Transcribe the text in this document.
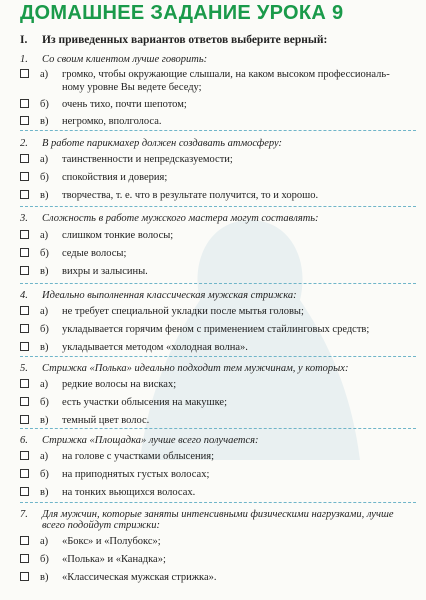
ДОМАШНЕЕ ЗАДАНИЕ УРОКА 9
I. Из приведенных вариантов ответов выберите верный:
1. Со своим клиентом лучше говорить:
а) громко, чтобы окружающие слышали, на каком высоком профессиональ-
ному уровне Вы ведете беседу;
б) очень тихо, почти шепотом;
в) негромко, вполголоса.
2. В работе парикмахер должен создавать атмосферу:
а) таинственности и непредсказуемости;
б) спокойствия и доверия;
в) творчества, т. е. что в результате получится, то и хорошо.
3. Сложность в работе мужского мастера могут составлять:
а) слишком тонкие волосы;
б) седые волосы;
в) вихры и залысины.
4. Идеально выполненная классическая мужская стрижка:
а) не требует специальной укладки после мытья головы;
б) укладывается горячим феном с применением стайлинговых средств;
в) укладывается методом «холодная волна».
5. Стрижка «Полька» идеально подходит тем мужчинам, у которых:
а) редкие волосы на висках;
б) есть участки облысения на макушке;
в) темный цвет волос.
6. Стрижка «Площадка» лучше всего получается:
а) на голове с участками облысения;
б) на приподнятых густых волосах;
в) на тонких вьющихся волосах.
7. Для мужчин, которые заняты интенсивными физическими нагрузками, лучше
всего подойдут стрижки:
а) «Бокс» и «Полубокс»;
б) «Полька» и «Канадка»;
в) «Классическая мужская стрижка».
